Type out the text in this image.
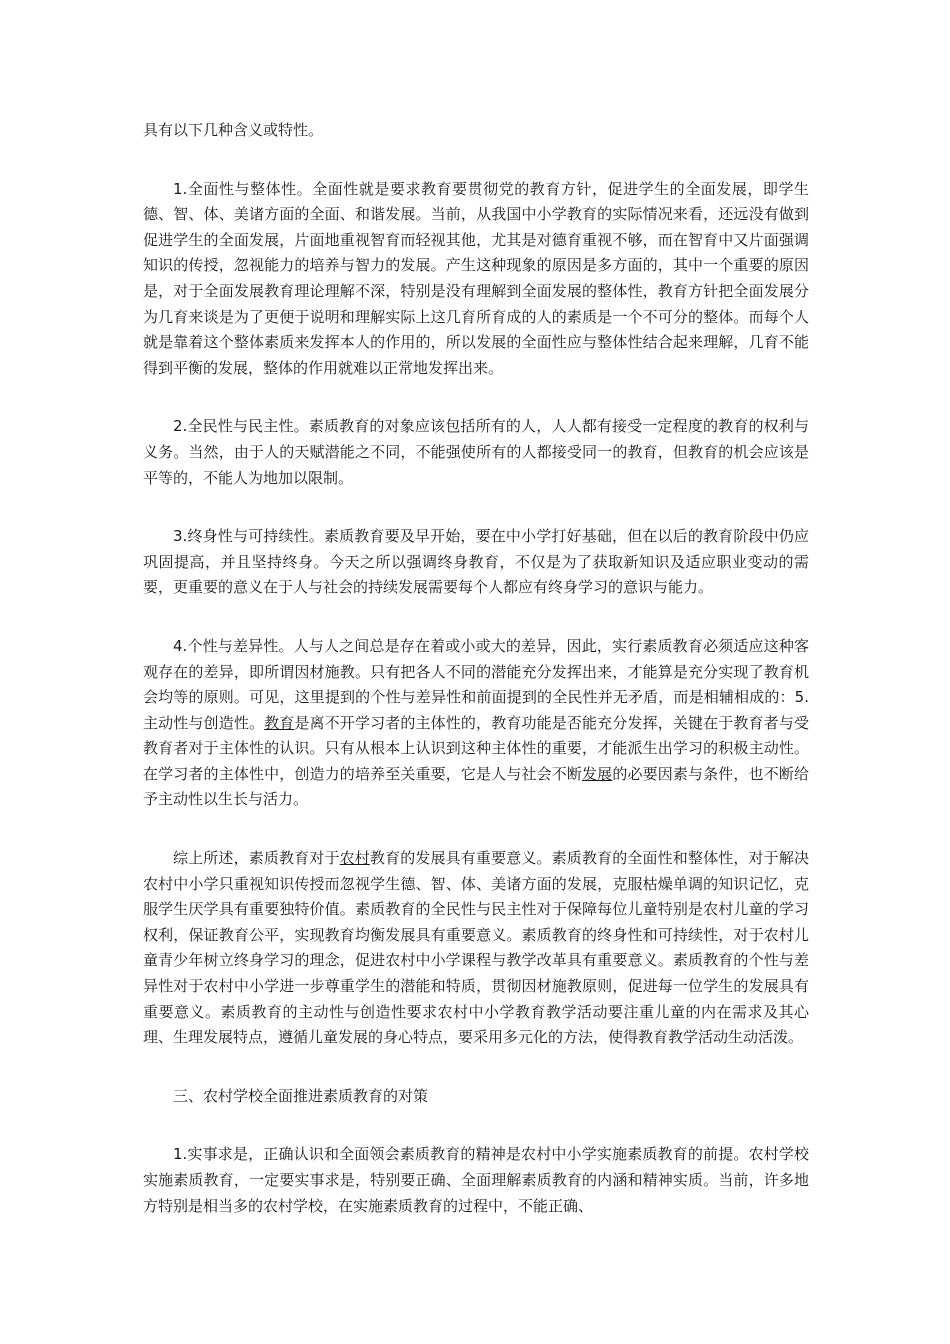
具有以下几种含义或特性。

1.全面性与整体性。全面性就是要求教育要贯彻党的教育方针，促进学生的全面发展，即学生德、智、体、美诸方面的全面、和谐发展。当前，从我国中小学教育的实际情况来看，还远没有做到促进学生的全面发展，片面地重视智育而轻视其他，尤其是对德育重视不够，而在智育中又片面强调知识的传授，忽视能力的培养与智力的发展。产生这种现象的原因是多方面的，其中一个重要的原因是，对于全面发展教育理论理解不深，特别是没有理解到全面发展的整体性，教育方针把全面发展分为几育来谈是为了更便于说明和理解实际上这几育所育成的人的素质是一个不可分的整体。而每个人就是靠着这个整体素质来发挥本人的作用的，所以发展的全面性应与整体性结合起来理解，几育不能得到平衡的发展，整体的作用就难以正常地发挥出来。

2.全民性与民主性。素质教育的对象应该包括所有的人，人人都有接受一定程度的教育的权利与义务。当然，由于人的天赋潜能之不同，不能强使所有的人都接受同一的教育，但教育的机会应该是平等的，不能人为地加以限制。

3.终身性与可持续性。素质教育要及早开始，要在中小学打好基础，但在以后的教育阶段中仍应巩固提高，并且坚持终身。今天之所以强调终身教育，不仅是为了获取新知识及适应职业变动的需要，更重要的意义在于人与社会的持续发展需要每个人都应有终身学习的意识与能力。

4.个性与差异性。人与人之间总是存在着或小或大的差异，因此，实行素质教育必须适应这种客观存在的差异，即所谓因材施教。只有把各人不同的潜能充分发挥出来，才能算是充分实现了教育机会均等的原则。可见，这里提到的个性与差异性和前面提到的全民性并无矛盾，而是相辅相成的：5.主动性与创造性。教育是离不开学习者的主体性的，教育功能是否能充分发挥，关键在于教育者与受教育者对于主体性的认识。只有从根本上认识到这种主体性的重要，才能派生出学习的积极主动性。在学习者的主体性中，创造力的培养至关重要，它是人与社会不断发展的必要因素与条件，也不断给予主动性以生长与活力。

综上所述，素质教育对于农村教育的发展具有重要意义。素质教育的全面性和整体性，对于解决农村中小学只重视知识传授而忽视学生德、智、体、美诸方面的发展，克服枯燥单调的知识记忆，克服学生厌学具有重要独特价值。素质教育的全民性与民主性对于保障每位儿童特别是农村儿童的学习权利，保证教育公平，实现教育均衡发展具有重要意义。素质教育的终身性和可持续性，对于农村儿童青少年树立终身学习的理念，促进农村中小学课程与教学改革具有重要意义。素质教育的个性与差异性对于农村中小学进一步尊重学生的潜能和特质，贯彻因材施教原则，促进每一位学生的发展具有重要意义。素质教育的主动性与创造性要求农村中小学教育教学活动要注重儿童的内在需求及其心理、生理发展特点，遵循儿童发展的身心特点，要采用多元化的方法，使得教育教学活动生动活泼。

三、农村学校全面推进素质教育的对策

1.实事求是，正确认识和全面领会素质教育的精神是农村中小学实施素质教育的前提。农村学校实施素质教育，一定要实事求是，特别要正确、全面理解素质教育的内涵和精神实质。当前，许多地方特别是相当多的农村学校，在实施素质教育的过程中，不能正确、
